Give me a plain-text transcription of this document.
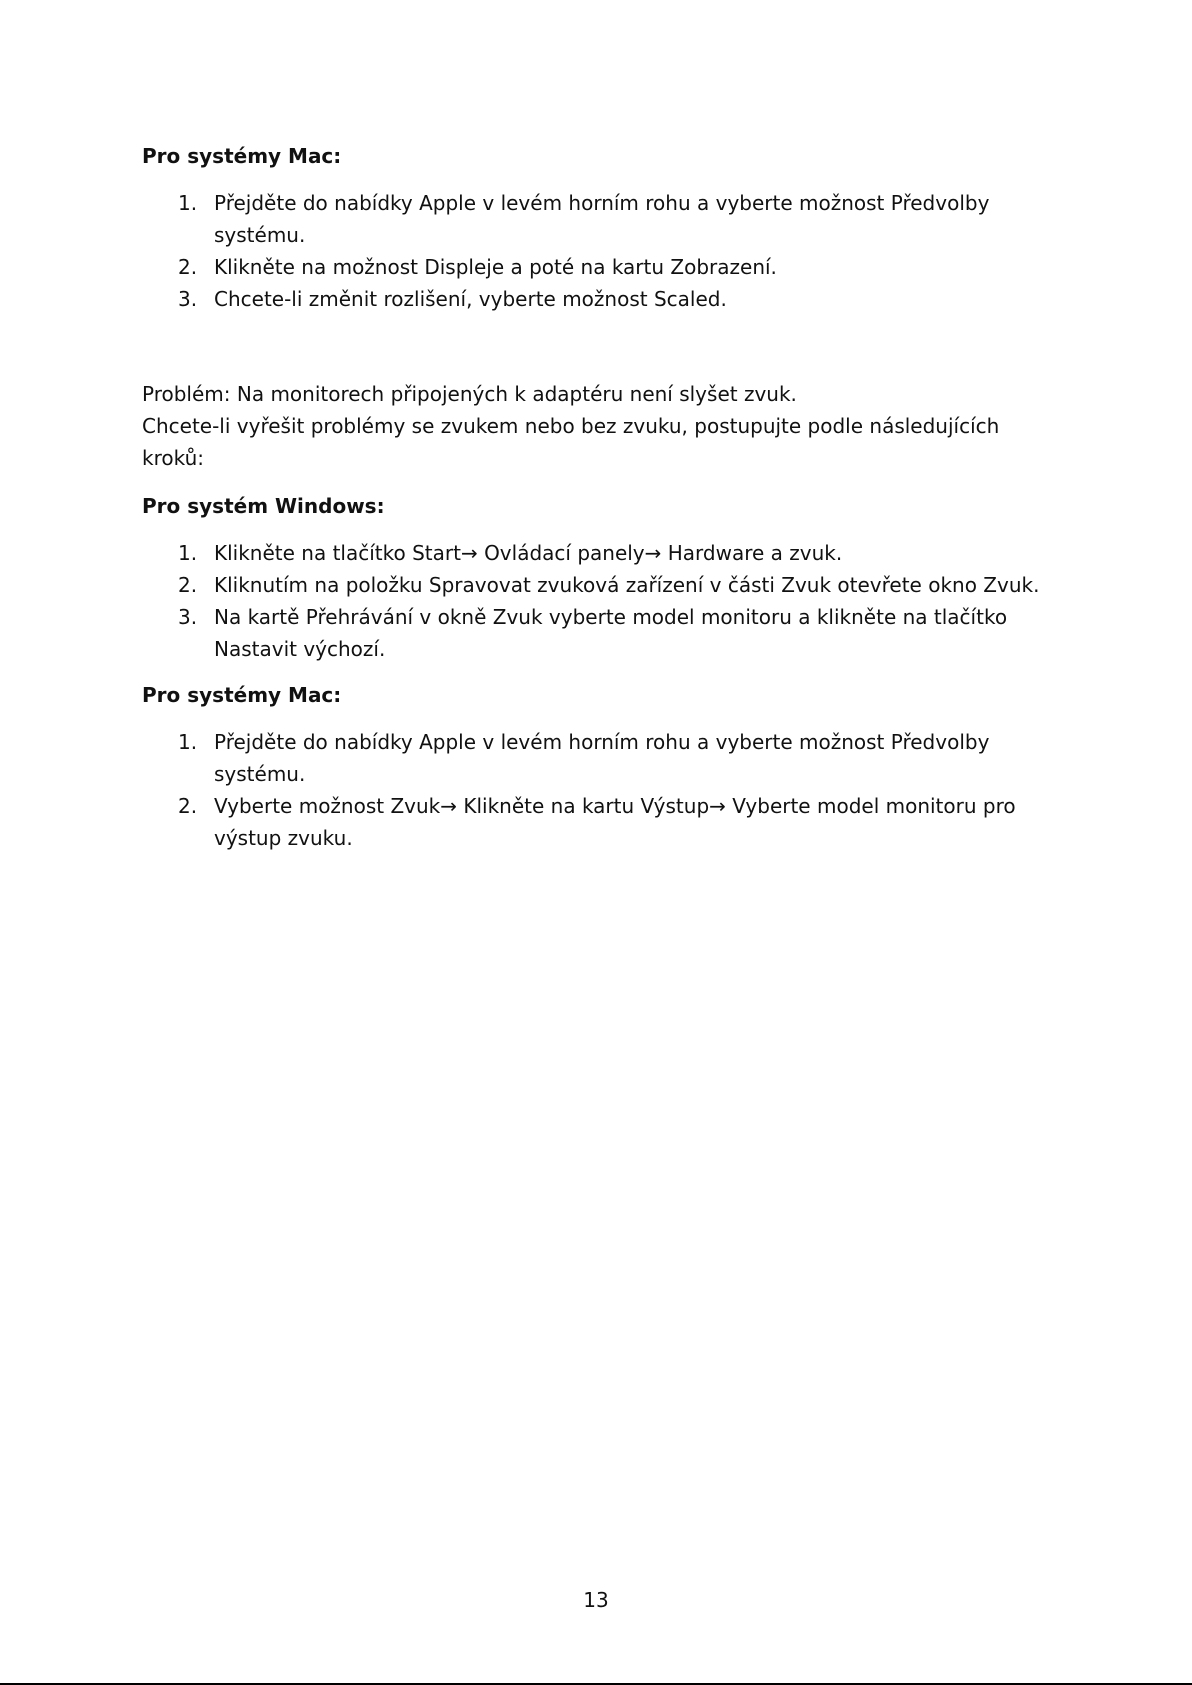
Pro systémy Mac:

1. Přejděte do nabídky Apple v levém horním rohu a vyberte možnost Předvolby systému.
2. Klikněte na možnost Displeje a poté na kartu Zobrazení.
3. Chcete-li změnit rozlišení, vyberte možnost Scaled.

Problém: Na monitorech připojených k adaptéru není slyšet zvuk.

Chcete-li vyřešit problémy se zvukem nebo bez zvuku, postupujte podle následujících kroků:

Pro systém Windows:

1. Klikněte na tlačítko Start→ Ovládací panely→ Hardware a zvuk.
2. Kliknutím na položku Spravovat zvuková zařízení v části Zvuk otevřete okno Zvuk.
3. Na kartě Přehrávání v okně Zvuk vyberte model monitoru a klikněte na tlačítko Nastavit výchozí.

Pro systémy Mac:

1. Přejděte do nabídky Apple v levém horním rohu a vyberte možnost Předvolby systému.
2. Vyberte možnost Zvuk→ Klikněte na kartu Výstup→ Vyberte model monitoru pro výstup zvuku.
13
